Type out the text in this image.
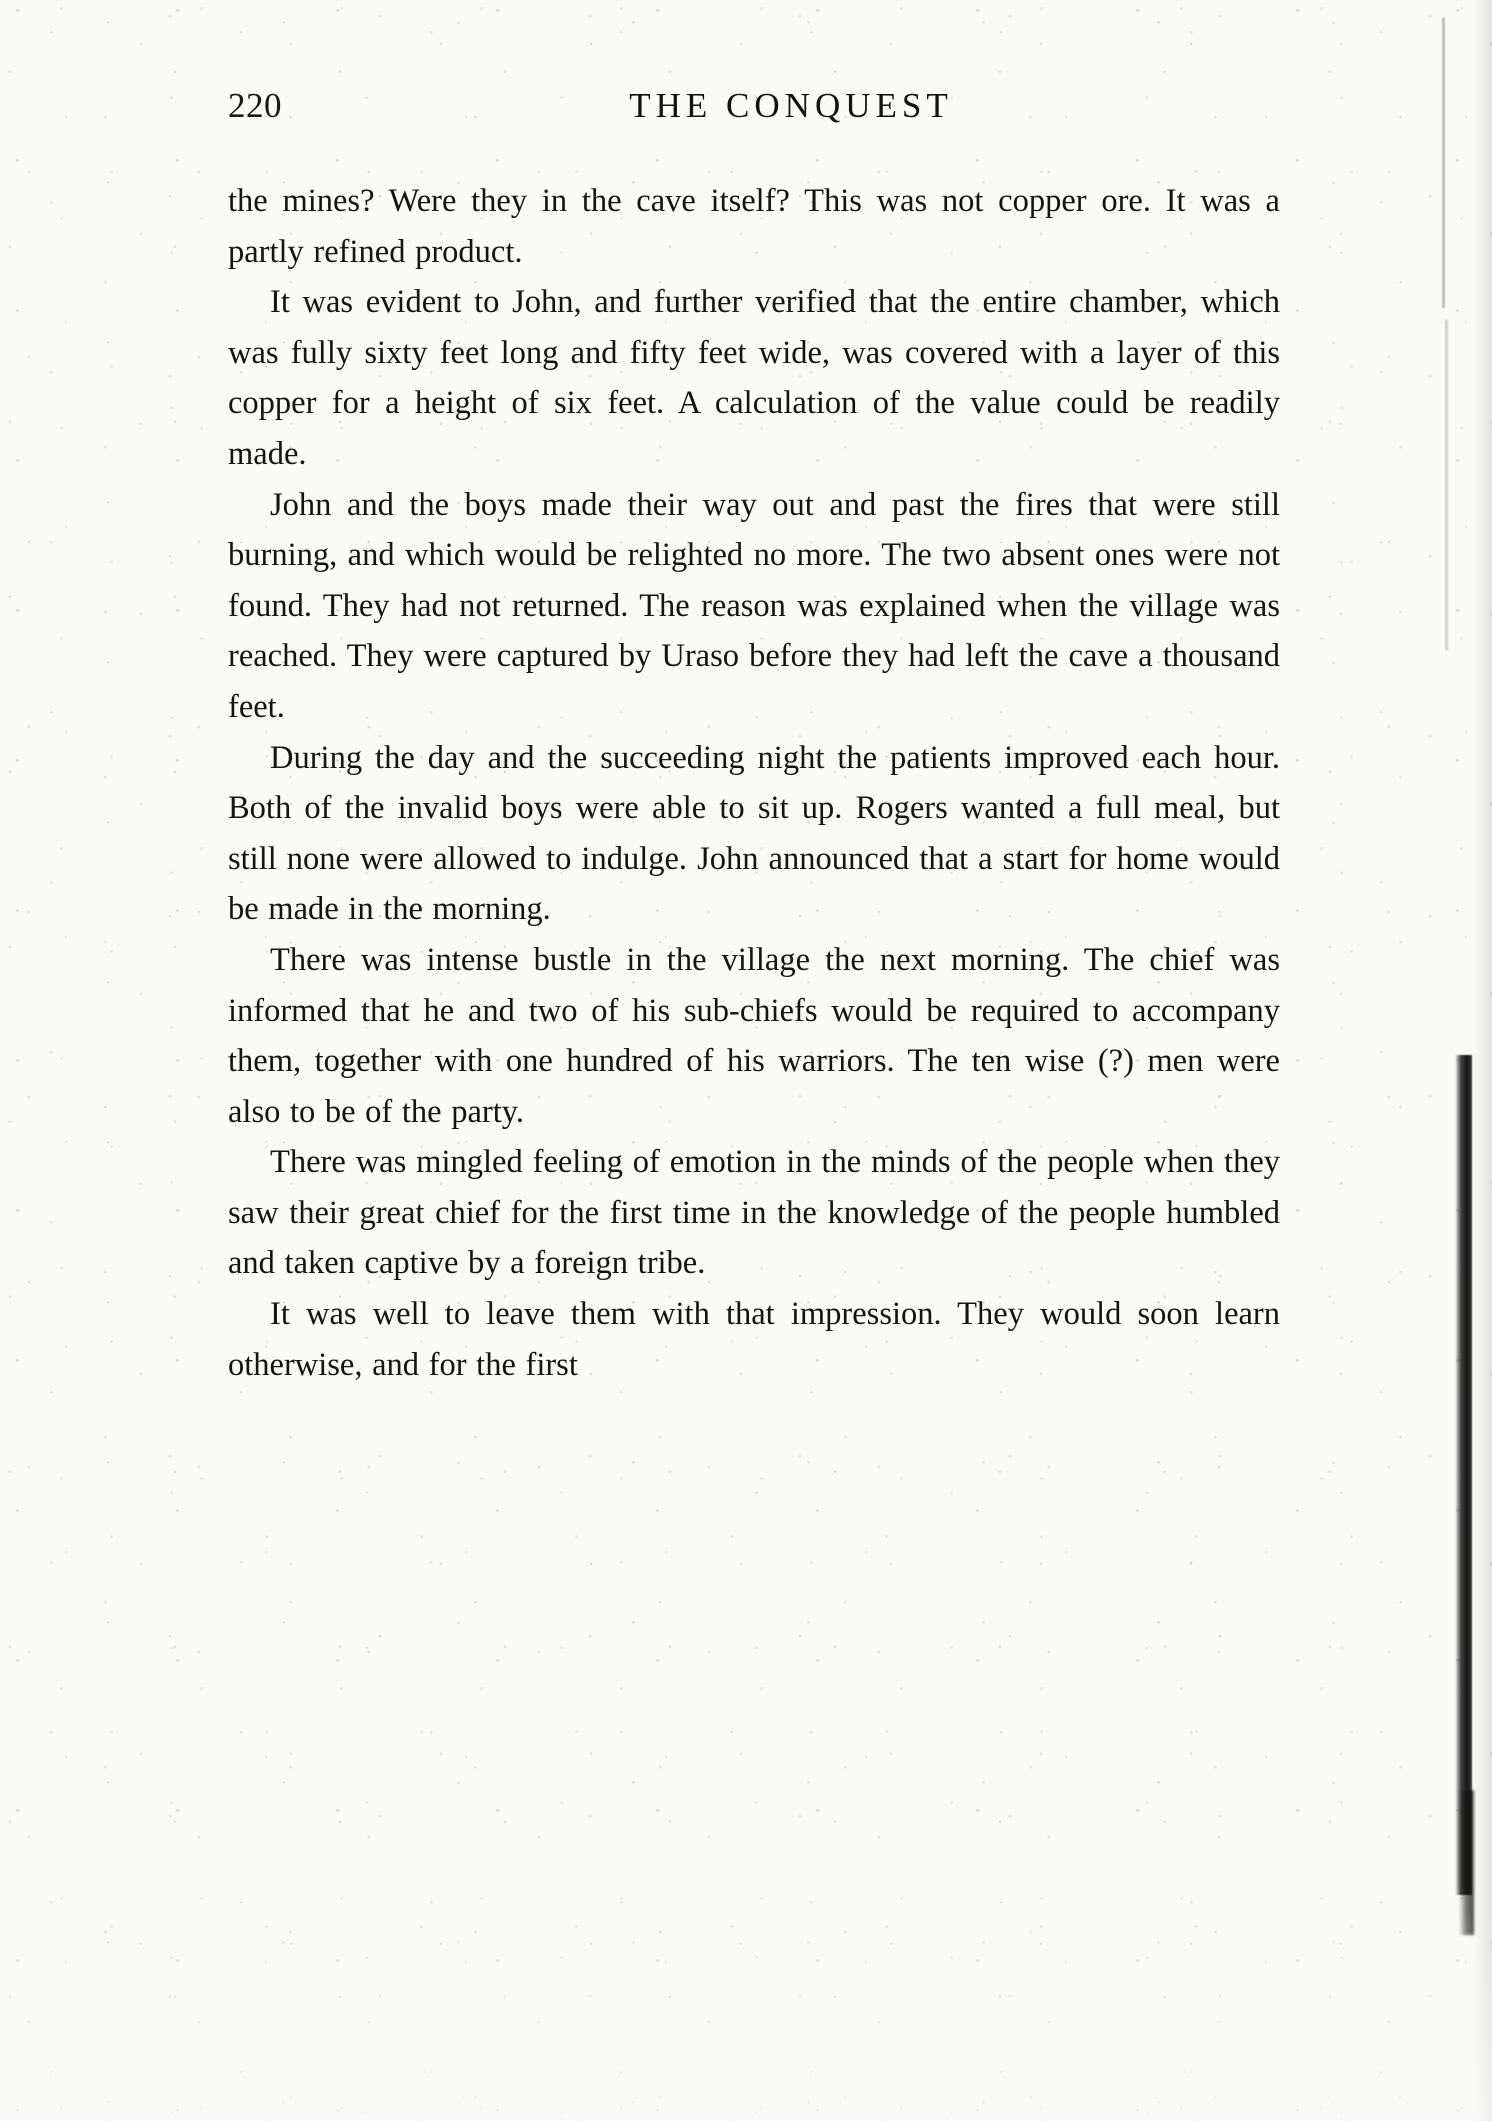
220	THE CONQUEST

the mines? Were they in the cave itself? This was not copper ore. It was a partly refined product.

It was evident to John, and further verified that the entire chamber, which was fully sixty feet long and fifty feet wide, was covered with a layer of this copper for a height of six feet. A calculation of the value could be readily made.

John and the boys made their way out and past the fires that were still burning, and which would be relighted no more. The two absent ones were not found. They had not returned. The reason was explained when the village was reached. They were captured by Uraso before they had left the cave a thousand feet.

During the day and the succeeding night the patients improved each hour. Both of the invalid boys were able to sit up. Rogers wanted a full meal, but still none were allowed to indulge. John announced that a start for home would be made in the morning.

There was intense bustle in the village the next morning. The chief was informed that he and two of his sub-chiefs would be required to accompany them, together with one hundred of his warriors. The ten wise (?) men were also to be of the party.

There was mingled feeling of emotion in the minds of the people when they saw their great chief for the first time in the knowledge of the people humbled and taken captive by a foreign tribe.

It was well to leave them with that impression. They would soon learn otherwise, and for the first
